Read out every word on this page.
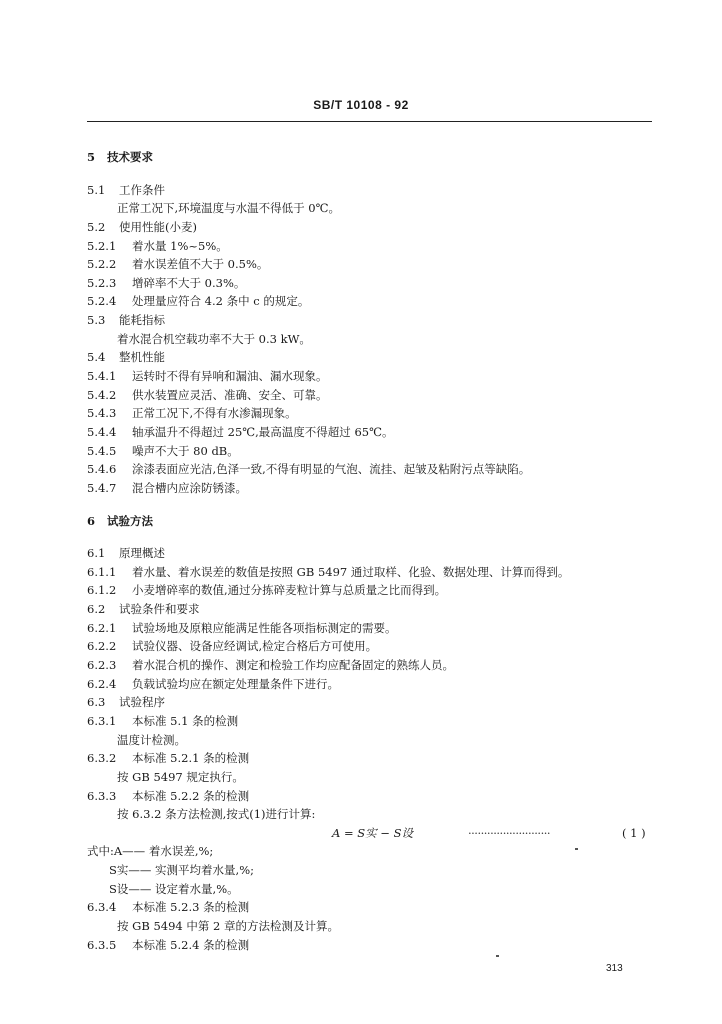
SB/T 10108 - 92
5 技术要求
5.1 工作条件
正常工况下,环境温度与水温不得低于 0℃。
5.2 使用性能(小麦)
5.2.1 着水量 1%~5%。
5.2.2 着水误差值不大于 0.5%。
5.2.3 增碎率不大于 0.3%。
5.2.4 处理量应符合 4.2 条中 c 的规定。
5.3 能耗指标
着水混合机空载功率不大于 0.3 kW。
5.4 整机性能
5.4.1 运转时不得有异响和漏油、漏水现象。
5.4.2 供水装置应灵活、准确、安全、可靠。
5.4.3 正常工况下,不得有水渗漏现象。
5.4.4 轴承温升不得超过 25℃,最高温度不得超过 65℃。
5.4.5 噪声不大于 80 dB。
5.4.6 涂漆表面应光洁,色泽一致,不得有明显的气泡、流挂、起皱及粘附污点等缺陷。
5.4.7 混合槽内应涂防锈漆。
6 试验方法
6.1 原理概述
6.1.1 着水量、着水误差的数值是按照 GB 5497 通过取样、化验、数据处理、计算而得到。
6.1.2 小麦增碎率的数值,通过分拣碎麦粒计算与总质量之比而得到。
6.2 试验条件和要求
6.2.1 试验场地及原粮应能满足性能各项指标测定的需要。
6.2.2 试验仪器、设备应经调试,检定合格后方可使用。
6.2.3 着水混合机的操作、测定和检验工作均应配备固定的熟练人员。
6.2.4 负载试验均应在额定处理量条件下进行。
6.3 试验程序
6.3.1 本标准 5.1 条的检测
温度计检测。
6.3.2 本标准 5.2.1 条的检测
按 GB 5497 规定执行。
6.3.3 本标准 5.2.2 条的检测
按 6.3.2 条方法检测,按式(1)进行计算:
A = S实 − S设	··························	( 1 )
式中:A—— 着水误差,%;
S实—— 实测平均着水量,%;
S设—— 设定着水量,%。
6.3.4 本标准 5.2.3 条的检测
按 GB 5494 中第 2 章的方法检测及计算。
6.3.5 本标准 5.2.4 条的检测
313
